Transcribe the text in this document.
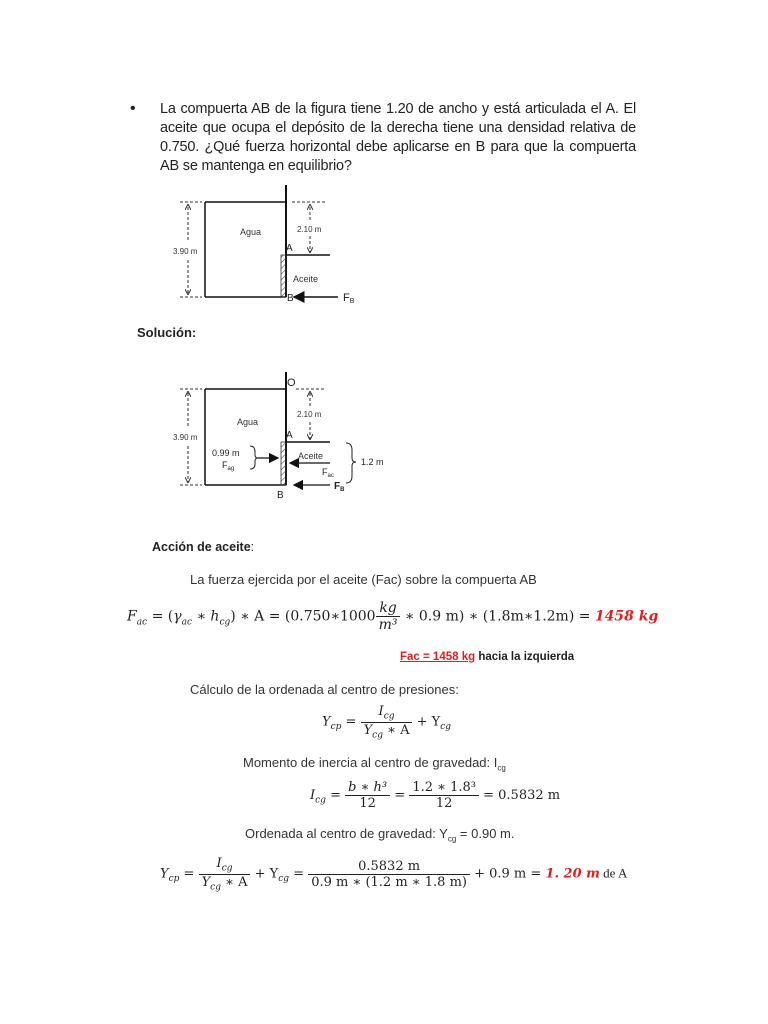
• La compuerta AB de la figura tiene 1.20 de ancho y está articulada el A. El aceite que ocupa el depósito de la derecha tiene una densidad relativa de 0.750. ¿Qué fuerza horizontal debe aplicarse en B para que la compuerta AB se mantenga en equilibrio?
3.90 m
2.10 m
Agua
Aceite
A
B	FB
Solución:
3.90 m
O
2.10 m
Agua
Aceite
A
B
0.99 m
$F_{ag}$	$F_{ac}$
1.2 m
$F_B$
Acción de aceite:
La fuerza ejercida por el aceite (Fac) sobre la compuerta AB
$F_{ac} = (\gamma_{ac}$ ∗ $h_{cg}$) ∗ A = (0.750∗1000 $\frac{kg}{\text{m³}}$ ∗ 0.9 m) ∗ (1.8m∗1.2m) = 1458 kg
Fac = 1458 kg hacia la izquierda
Cálculo de la ordenada al centro de presiones:
$Y_{cp} = \frac{I_{cg}}{Y_{cg} ∗ A} + Y_{cg}$
Momento de inercia al centro de gravedad: $I_{cg}$
$I_{cg} = \frac{\text{b ∗ h³}}{12} = \frac{\text{1.2 ∗ 1.8³}}{12} = 0.5832$ m
Ordenada al centro de gravedad: $Y_{cg} = 0.90$ m.
$Y_{cp} = \frac{I_{cg}}{Y_{cg} ∗ A} + Y_{cg} = \frac{0.5832 m}{0.9 m ∗ (1.2 m ∗ 1.8 m)} + 0.9$ m = 1. 20 m de A
